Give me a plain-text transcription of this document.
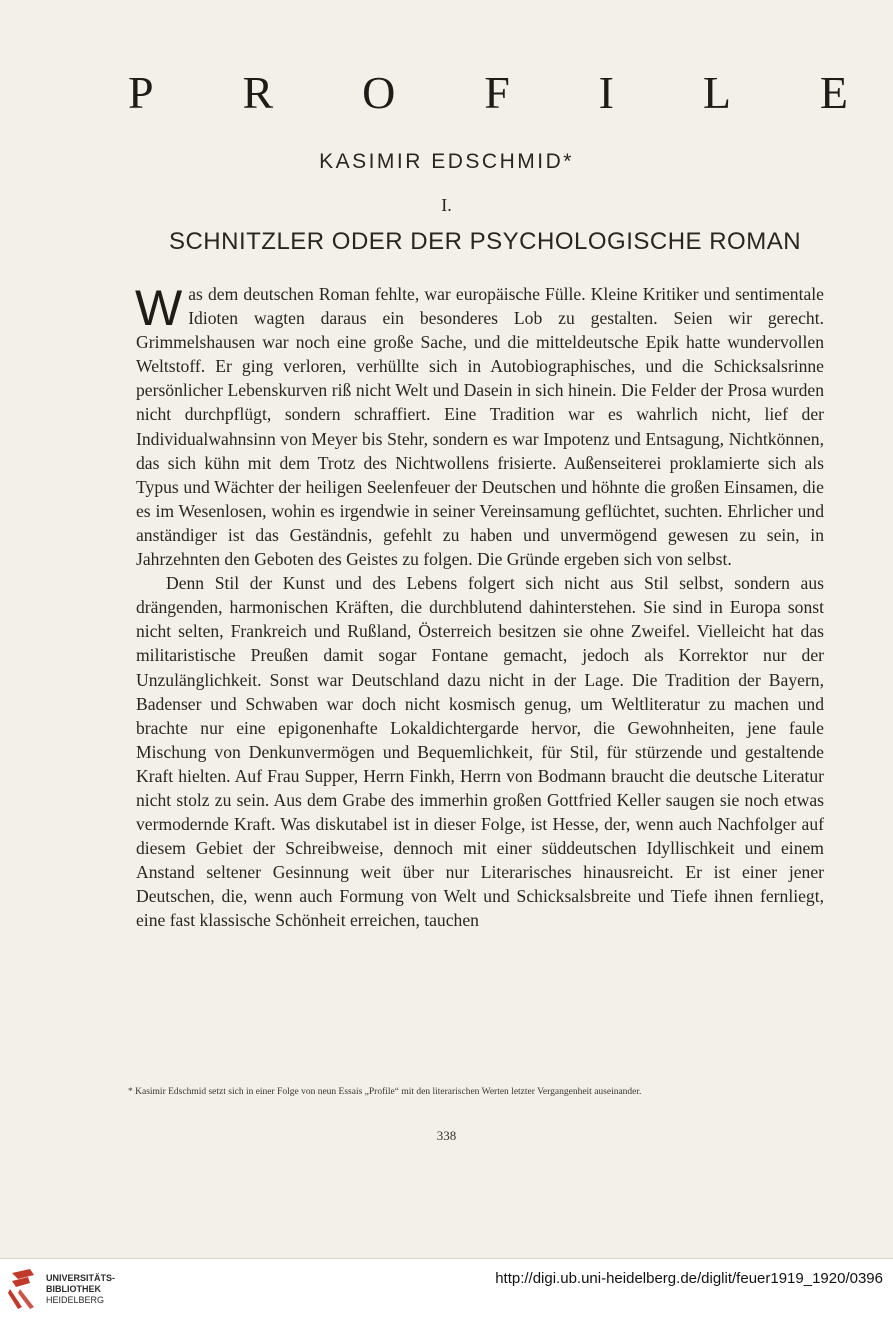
P R O F I L E
KASIMIR EDSCHMID*
I.
SCHNITZLER ODER DER PSYCHOLOGISCHE ROMAN

Was dem deutschen Roman fehlte, war europäische Fülle. Kleine Kritiker und sentimentale Idioten wagten daraus ein besonderes Lob zu gestalten. Seien wir gerecht. Grimmelshausen war noch eine große Sache, und die mitteldeutsche Epik hatte wundervollen Weltstoff. Er ging verloren, verhüllte sich in Autobiographisches, und die Schicksalsrinne persönlicher Lebenskurven riß nicht Welt und Dasein in sich hinein. Die Felder der Prosa wurden nicht durchpflügt, sondern schraffiert. Eine Tradition war es wahrlich nicht, lief der Individualwahnsinn von Meyer bis Stehr, sondern es war Impotenz und Entsagung, Nichtkönnen, das sich kühn mit dem Trotz des Nichtwollens frisierte. Außenseiterei proklamierte sich als Typus und Wächter der heiligen Seelenfeuer der Deutschen und höhnte die großen Einsamen, die es im Wesenlosen, wohin es irgendwie in seiner Vereinsamung geflüchtet, suchten. Ehrlicher und anständiger ist das Geständnis, gefehlt zu haben und unvermögend gewesen zu sein, in Jahrzehnten den Geboten des Geistes zu folgen. Die Gründe ergeben sich von selbst.

Denn Stil der Kunst und des Lebens folgert sich nicht aus Stil selbst, sondern aus drängenden, harmonischen Kräften, die durchblutend dahinterstehen. Sie sind in Europa sonst nicht selten, Frankreich und Rußland, Österreich besitzen sie ohne Zweifel. Vielleicht hat das militaristische Preußen damit sogar Fontane gemacht, jedoch als Korrektor nur der Unzulänglichkeit. Sonst war Deutschland dazu nicht in der Lage. Die Tradition der Bayern, Badenser und Schwaben war doch nicht kosmisch genug, um Weltliteratur zu machen und brachte nur eine epigonenhafte Lokaldichtergarde hervor, die Gewohnheiten, jene faule Mischung von Denkunvermögen und Bequemlichkeit, für Stil, für stürzende und gestaltende Kraft hielten. Auf Frau Supper, Herrn Finkh, Herrn von Bodmann braucht die deutsche Literatur nicht stolz zu sein. Aus dem Grabe des immerhin großen Gottfried Keller saugen sie noch etwas vermodernde Kraft. Was diskutabel ist in dieser Folge, ist Hesse, der, wenn auch Nachfolger auf diesem Gebiet der Schreibweise, dennoch mit einer süddeutschen Idyllischkeit und einem Anstand seltener Gesinnung weit über nur Literarisches hinausreicht. Er ist einer jener Deutschen, die, wenn auch Formung von Welt und Schicksalsbreite und Tiefe ihnen fernliegt, eine fast klassische Schönheit erreichen, tauchen

* Kasimir Edschmid setzt sich in einer Folge von neun Essais „Profile“ mit den literarischen Werten letzter Vergangenheit auseinander.
338
UNIVERSITÄTS-
BIBLIOTHEK
HEIDELBERG
http://digi.ub.uni-heidelberg.de/diglit/feuer1919_1920/0396
